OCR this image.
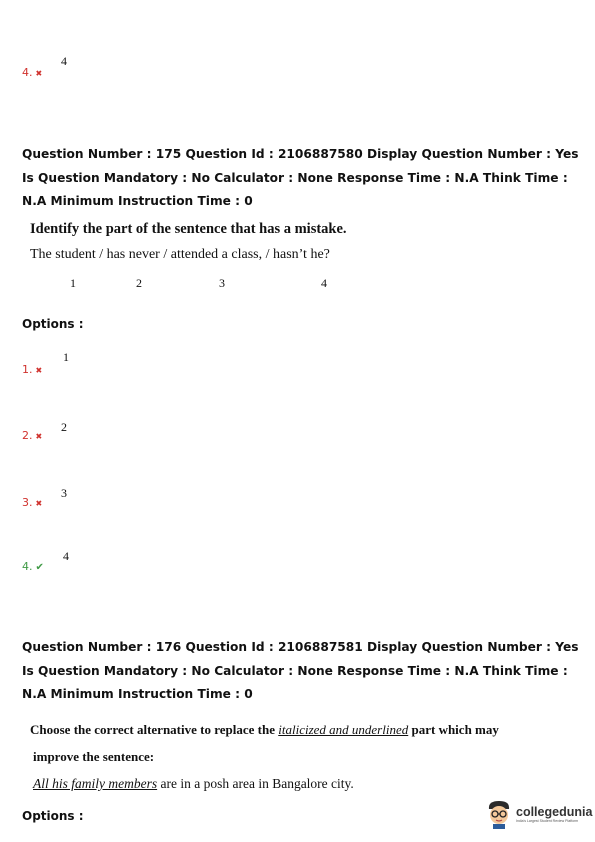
4
4. ✖
Question Number : 175 Question Id : 2106887580 Display Question Number : Yes Is Question Mandatory : No Calculator : None Response Time : N.A Think Time : N.A Minimum Instruction Time : 0
Identify the part of the sentence that has a mistake.
The student / has never / attended a class, / hasn’t he?
1	2	3	4
Options :
1
1. ✖
2
2. ✖
3
3. ✖
4
4. ✔
Question Number : 176 Question Id : 2106887581 Display Question Number : Yes Is Question Mandatory : No Calculator : None Response Time : N.A Think Time : N.A Minimum Instruction Time : 0
Choose the correct alternative to replace the italicized and underlined part which may
improve the sentence:
All his family members are in a posh area in Bangalore city.
Options :	collegedunia
India's Largest Student Review Platform
